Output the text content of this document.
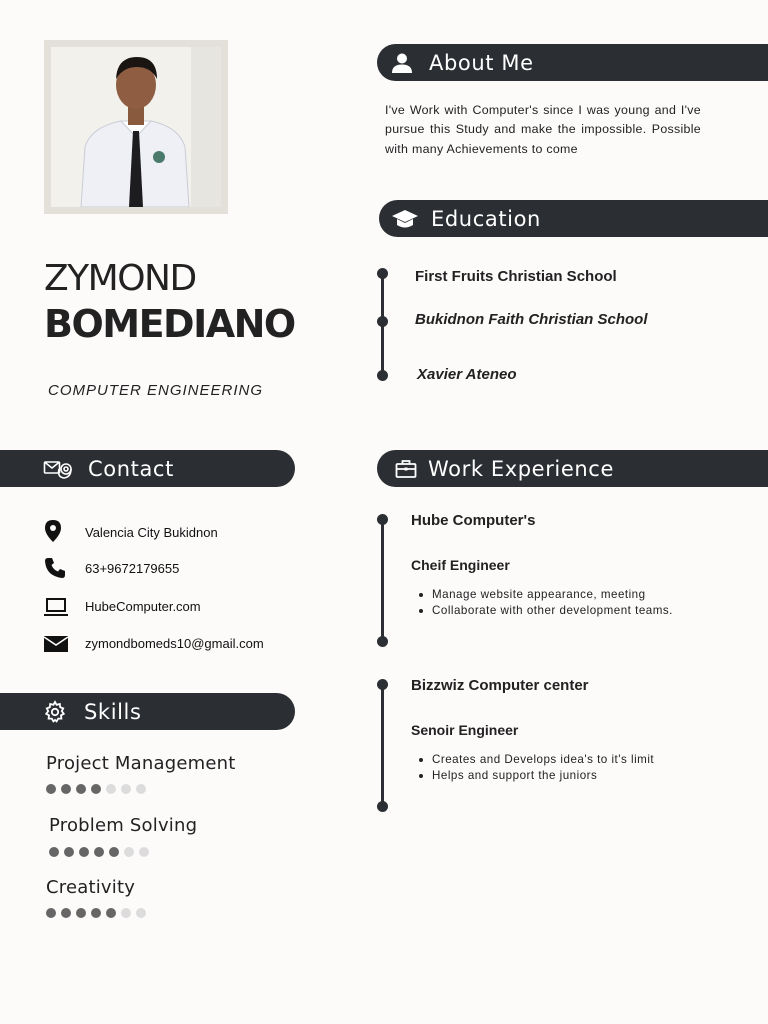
ZYMOND
BOMEDIANO
COMPUTER ENGINEERING
About Me

I've Work with Computer's since I was young and I've pursue this Study and make the impossible. Possible with many Achievements to come

Education
First Fruits Christian School
Bukidnon Faith Christian School
Xavier Ateneo
Contact
Valencia City Bukidnon
63+9672179655
HubeComputer.com
zymondbomeds10@gmail.com
Skills
Project Management
Problem Solving
Creativity
Work Experience
Hube Computer's
Cheif Engineer
Manage website appearance, meeting
Collaborate with other development teams.
Bizzwiz Computer center
Senoir Engineer
Creates and Develops idea's to it's limit
Helps and support the juniors
